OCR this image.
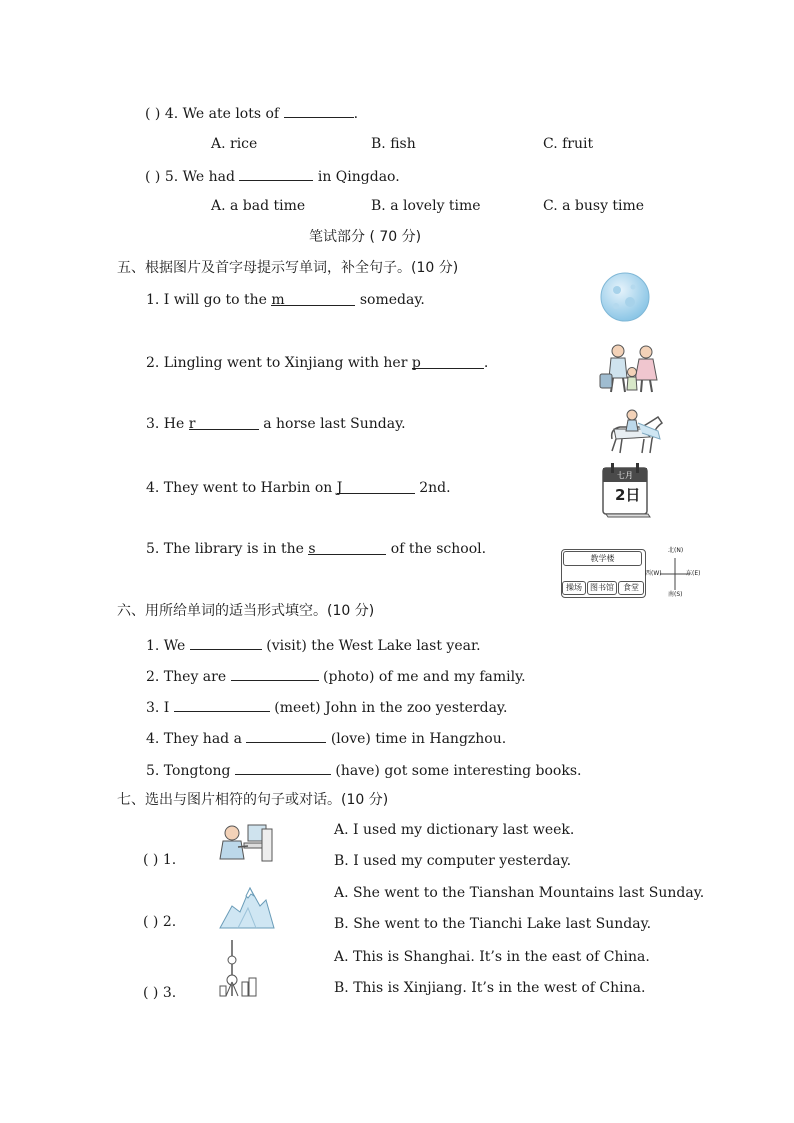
( ) 4. We ate lots of	.
A. rice	B. fish	C. fruit
( ) 5. We had	in Qingdao.
A. a bad time	B. a lovely time	C. a busy time
笔试部分 ( 70 分)
五、根据图片及首字母提示写单词，补全句子。(10 分)
1. I will go to the m	someday.
2. Lingling went to Xinjiang with her p	.
3. He r	a horse last Sunday.
4. They went to Harbin on J	2nd.
5. The library is in the s	of the school.
七月
2日
教学楼
操场	图书馆	食堂
北(N)
南(S)
西(W)	东(E)
六、用所给单词的适当形式填空。(10 分)
1. We	(visit) the West Lake last year.
2. They are	(photo) of me and my family.
3. I	(meet) John in the zoo yesterday.
4. They had a	(love) time in Hangzhou.
5. Tongtong	(have) got some interesting books.
七、选出与图片相符的句子或对话。(10 分)
( ) 1.
A. I used my dictionary last week.
B. I used my computer yesterday.
( ) 2.
A. She went to the Tianshan Mountains last Sunday.
B. She went to the Tianchi Lake last Sunday.
( ) 3.
A. This is Shanghai. It’s in the east of China.
B. This is Xinjiang. It’s in the west of China.
